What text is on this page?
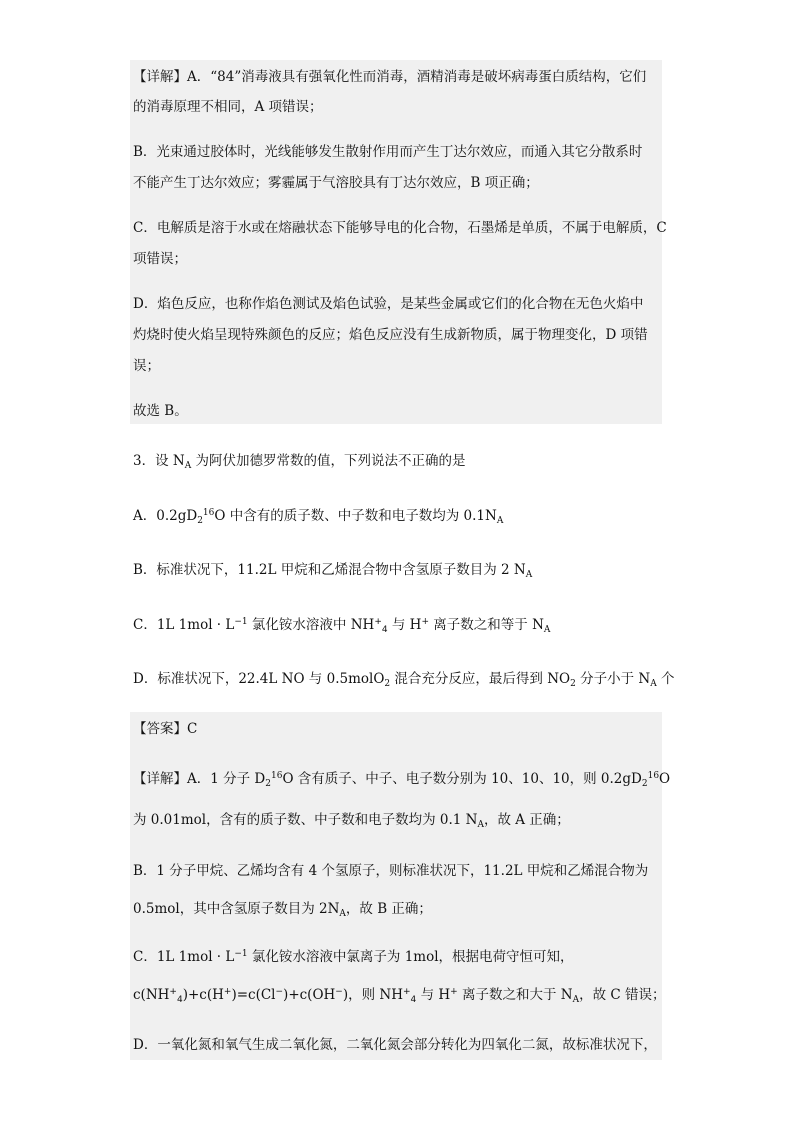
【详解】A．“84”消毒液具有强氧化性而消毒，酒精消毒是破坏病毒蛋白质结构，它们
的消毒原理不相同，A 项错误；
B．光束通过胶体时，光线能够发生散射作用而产生丁达尔效应，而通入其它分散系时
不能产生丁达尔效应；雾霾属于气溶胶具有丁达尔效应，B 项正确；
C．电解质是溶于水或在熔融状态下能够导电的化合物，石墨烯是单质，不属于电解质，C
项错误；
D．焰色反应，也称作焰色测试及焰色试验，是某些金属或它们的化合物在无色火焰中
灼烧时使火焰呈现特殊颜色的反应；焰色反应没有生成新物质，属于物理变化，D 项错
误；
故选 B。
3．设 $N_A$ 为阿伏加德罗常数的值，下列说法不正确的是
A．$0.2gD_2^{16}O$ 中含有的质子数、中子数和电子数均为 $0.1N_A$
B．标准状况下，11.2L 甲烷和乙烯混合物中含氢原子数目为 2 $N_A$
C．1L $1mol \cdot L^{-1}$ 氯化铵水溶液中 $NH^+_4$ 与 H+ 离子数之和等于 $N_A$
D．标准状况下，22.4L NO 与 0.5molO$_2$ 混合充分反应，最后得到 $NO_2$ 分子小于 $N_A$ 个
【答案】C
【详解】A．1 分子 $D_2^{16}O$ 含有质子、中子、电子数分别为 10、10、10，则 $0.2gD_2^{16}O$
为 0.01mol，含有的质子数、中子数和电子数均为 0.1 $N_A$，故 A 正确；
B．1 分子甲烷、乙烯均含有 4 个氢原子，则标准状况下，11.2L 甲烷和乙烯混合物为
0.5mol，其中含氢原子数目为 $2N_A$，故 B 正确；
C．1L $1mol \cdot L^{-1}$ 氯化铵水溶液中氯离子为 1mol，根据电荷守恒可知，
$c(NH^+_4)+c(H^+)=c(Cl^-)+c(OH^-)$，则 $NH^+_4$ 与 H+ 离子数之和大于 $N_A$，故 C 错误；
D．一氧化氮和氧气生成二氧化氮，二氧化氮会部分转化为四氧化二氮，故标准状况下，
